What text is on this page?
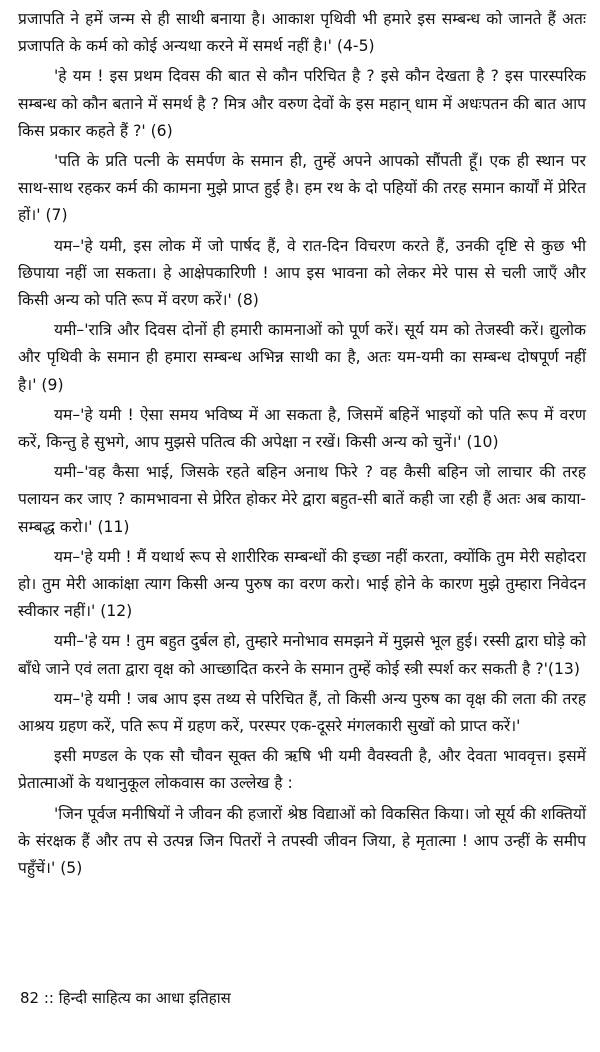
प्रजापति ने हमें जन्म से ही साथी बनाया है। आकाश पृथिवी भी हमारे इस सम्बन्ध को जानते हैं अतः प्रजापति के कर्म को कोई अन्यथा करने में समर्थ नहीं है।' (4-5)

'हे यम ! इस प्रथम दिवस की बात से कौन परिचित है ? इसे कौन देखता है ? इस पारस्परिक सम्बन्ध को कौन बताने में समर्थ है ? मित्र और वरुण देवों के इस महान् धाम में अधःपतन की बात आप किस प्रकार कहते हैं ?' (6)

'पति के प्रति पत्नी के समर्पण के समान ही, तुम्हें अपने आपको सौंपती हूँ। एक ही स्थान पर साथ-साथ रहकर कर्म की कामना मुझे प्राप्त हुई है। हम रथ के दो पहियों की तरह समान कार्यों में प्रेरित हों।' (7)

यम–'हे यमी, इस लोक में जो पार्षद हैं, वे रात-दिन विचरण करते हैं, उनकी दृष्टि से कुछ भी छिपाया नहीं जा सकता। हे आक्षेपकारिणी ! आप इस भावना को लेकर मेरे पास से चली जाएँ और किसी अन्य को पति रूप में वरण करें।' (8)

यमी–'रात्रि और दिवस दोनों ही हमारी कामनाओं को पूर्ण करें। सूर्य यम को तेजस्वी करें। द्युलोक और पृथिवी के समान ही हमारा सम्बन्ध अभिन्न साथी का है, अतः यम-यमी का सम्बन्ध दोषपूर्ण नहीं है।' (9)

यम–'हे यमी ! ऐसा समय भविष्य में आ सकता है, जिसमें बहिनें भाइयों को पति रूप में वरण करें, किन्तु हे सुभगे, आप मुझसे पतित्व की अपेक्षा न रखें। किसी अन्य को चुनें।' (10)

यमी–'वह कैसा भाई, जिसके रहते बहिन अनाथ फिरे ? वह कैसी बहिन जो लाचार की तरह पलायन कर जाए ? कामभावना से प्रेरित होकर मेरे द्वारा बहुत-सी बातें कही जा रही हैं अतः अब काया-सम्बद्ध करो।' (11)

यम–'हे यमी ! मैं यथार्थ रूप से शारीरिक सम्बन्धों की इच्छा नहीं करता, क्योंकि तुम मेरी सहोदरा हो। तुम मेरी आकांक्षा त्याग किसी अन्य पुरुष का वरण करो। भाई होने के कारण मुझे तुम्हारा निवेदन स्वीकार नहीं।' (12)

यमी–'हे यम ! तुम बहुत दुर्बल हो, तुम्हारे मनोभाव समझने में मुझसे भूल हुई। रस्सी द्वारा घोड़े को बाँधे जाने एवं लता द्वारा वृक्ष को आच्छादित करने के समान तुम्हें कोई स्त्री स्पर्श कर सकती है ?'(13)

यम–'हे यमी ! जब आप इस तथ्य से परिचित हैं, तो किसी अन्य पुरुष का वृक्ष की लता की तरह आश्रय ग्रहण करें, पति रूप में ग्रहण करें, परस्पर एक-दूसरे मंगलकारी सुखों को प्राप्त करें।'

इसी मण्डल के एक सौ चौवन सूक्त की ऋषि भी यमी वैवस्वती है, और देवता भाववृत्त। इसमें प्रेतात्माओं के यथानुकूल लोकवास का उल्लेख है :

'जिन पूर्वज मनीषियों ने जीवन की हजारों श्रेष्ठ विद्याओं को विकसित किया। जो सूर्य की शक्तियों के संरक्षक हैं और तप से उत्पन्न जिन पितरों ने तपस्वी जीवन जिया, हे मृतात्मा ! आप उन्हीं के समीप पहुँचें।' (5)

82 :: हिन्दी साहित्य का आधा इतिहास
